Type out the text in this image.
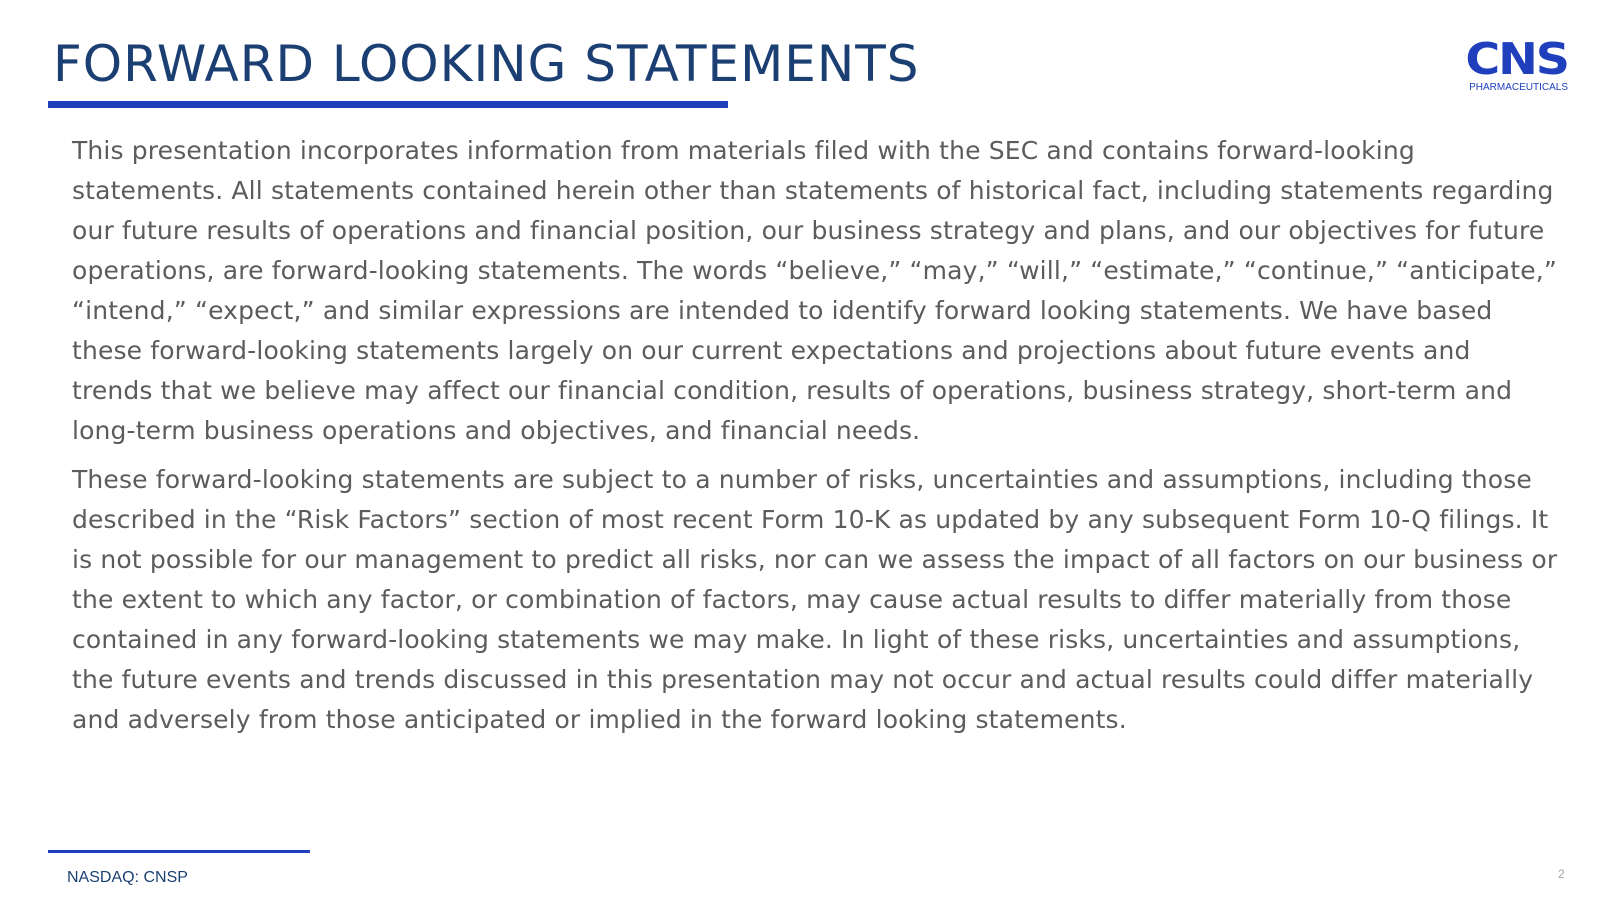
FORWARD LOOKING STATEMENTS	CNS
PHARMACEUTICALS

This presentation incorporates information from materials filed with the SEC and contains forward-looking statements. All statements contained herein other than statements of historical fact, including statements regarding our future results of operations and financial position, our business strategy and plans, and our objectives for future operations, are forward-looking statements. The words “believe,” “may,” “will,” “estimate,” “continue,” “anticipate,” “intend,” “expect,” and similar expressions are intended to identify forward looking statements. We have based these forward-looking statements largely on our current expectations and projections about future events and trends that we believe may affect our financial condition, results of operations, business strategy, short-term and long-term business operations and objectives, and financial needs.

These forward-looking statements are subject to a number of risks, uncertainties and assumptions, including those described in the “Risk Factors” section of most recent Form 10-K as updated by any subsequent Form 10-Q filings. It is not possible for our management to predict all risks, nor can we assess the impact of all factors on our business or the extent to which any factor, or combination of factors, may cause actual results to differ materially from those contained in any forward-looking statements we may make. In light of these risks, uncertainties and assumptions, the future events and trends discussed in this presentation may not occur and actual results could differ materially and adversely from those anticipated or implied in the forward looking statements.

NASDAQ: CNSP	2
